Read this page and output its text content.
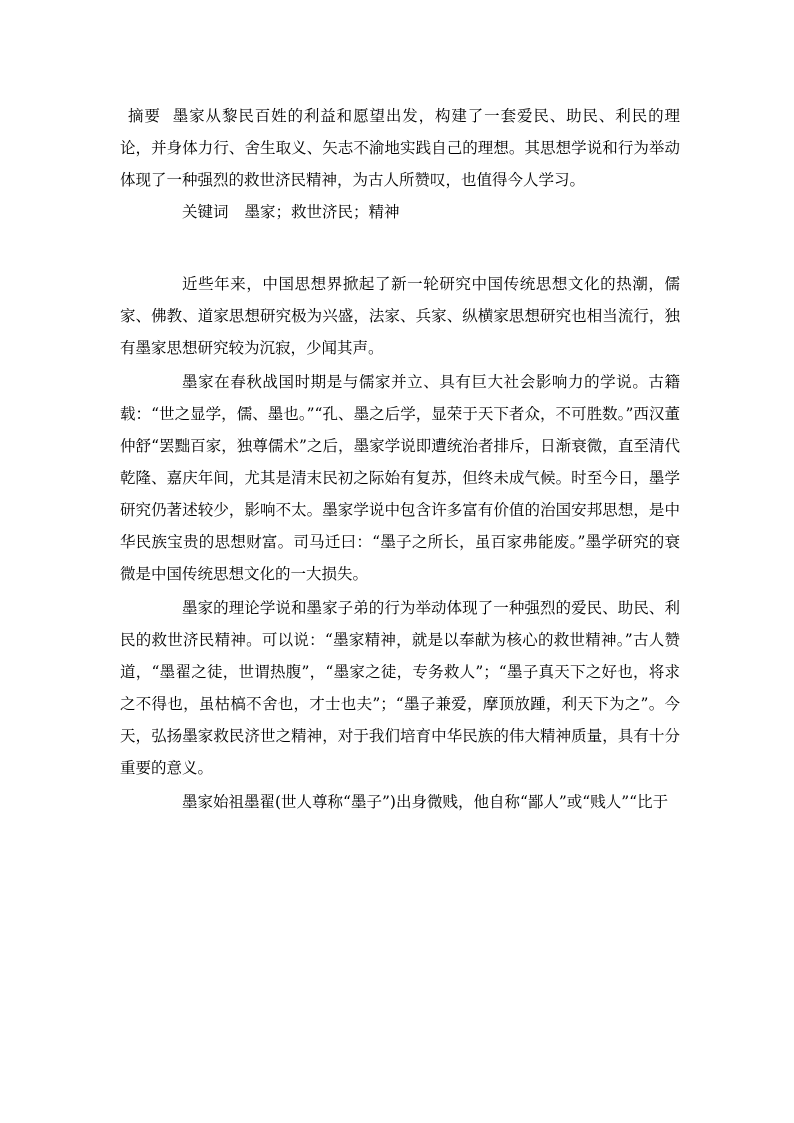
摘要 墨家从黎民百姓的利益和愿望出发，构建了一套爱民、助民、利民的理论，并身体力行、舍生取义、矢志不渝地实践自己的理想。其思想学说和行为举动体现了一种强烈的救世济民精神，为古人所赞叹，也值得今人学习。

关键词 墨家；救世济民；精神

近些年来，中国思想界掀起了新一轮研究中国传统思想文化的热潮，儒家、佛教、道家思想研究极为兴盛，法家、兵家、纵横家思想研究也相当流行，独有墨家思想研究较为沉寂，少闻其声。

墨家在春秋战国时期是与儒家并立、具有巨大社会影响力的学说。古籍载：“世之显学，儒、墨也。”“孔、墨之后学，显荣于天下者众，不可胜数。”西汉董仲舒“罢黜百家，独尊儒术”之后，墨家学说即遭统治者排斥，日渐衰微，直至清代乾隆、嘉庆年间，尤其是清末民初之际始有复苏，但终未成气候。时至今日，墨学研究仍著述较少，影响不太。墨家学说中包含许多富有价值的治国安邦思想，是中华民族宝贵的思想财富。司马迁曰：“墨子之所长，虽百家弗能废。”墨学研究的衰微是中国传统思想文化的一大损失。

墨家的理论学说和墨家子弟的行为举动体现了一种强烈的爱民、助民、利民的救世济民精神。可以说：“墨家精神，就是以奉献为核心的救世精神。”古人赞道，“墨翟之徒，世谓热腹”，“墨家之徒，专务救人”；“墨子真天下之好也，将求之不得也，虽枯槁不舍也，才士也夫”；“墨子兼爱，摩顶放踵，利天下为之”。今天，弘扬墨家救民济世之精神，对于我们培育中华民族的伟大精神质量，具有十分重要的意义。

墨家始祖墨翟(世人尊称“墨子”)出身微贱，他自称“鄙人”或“贱人”“比于
